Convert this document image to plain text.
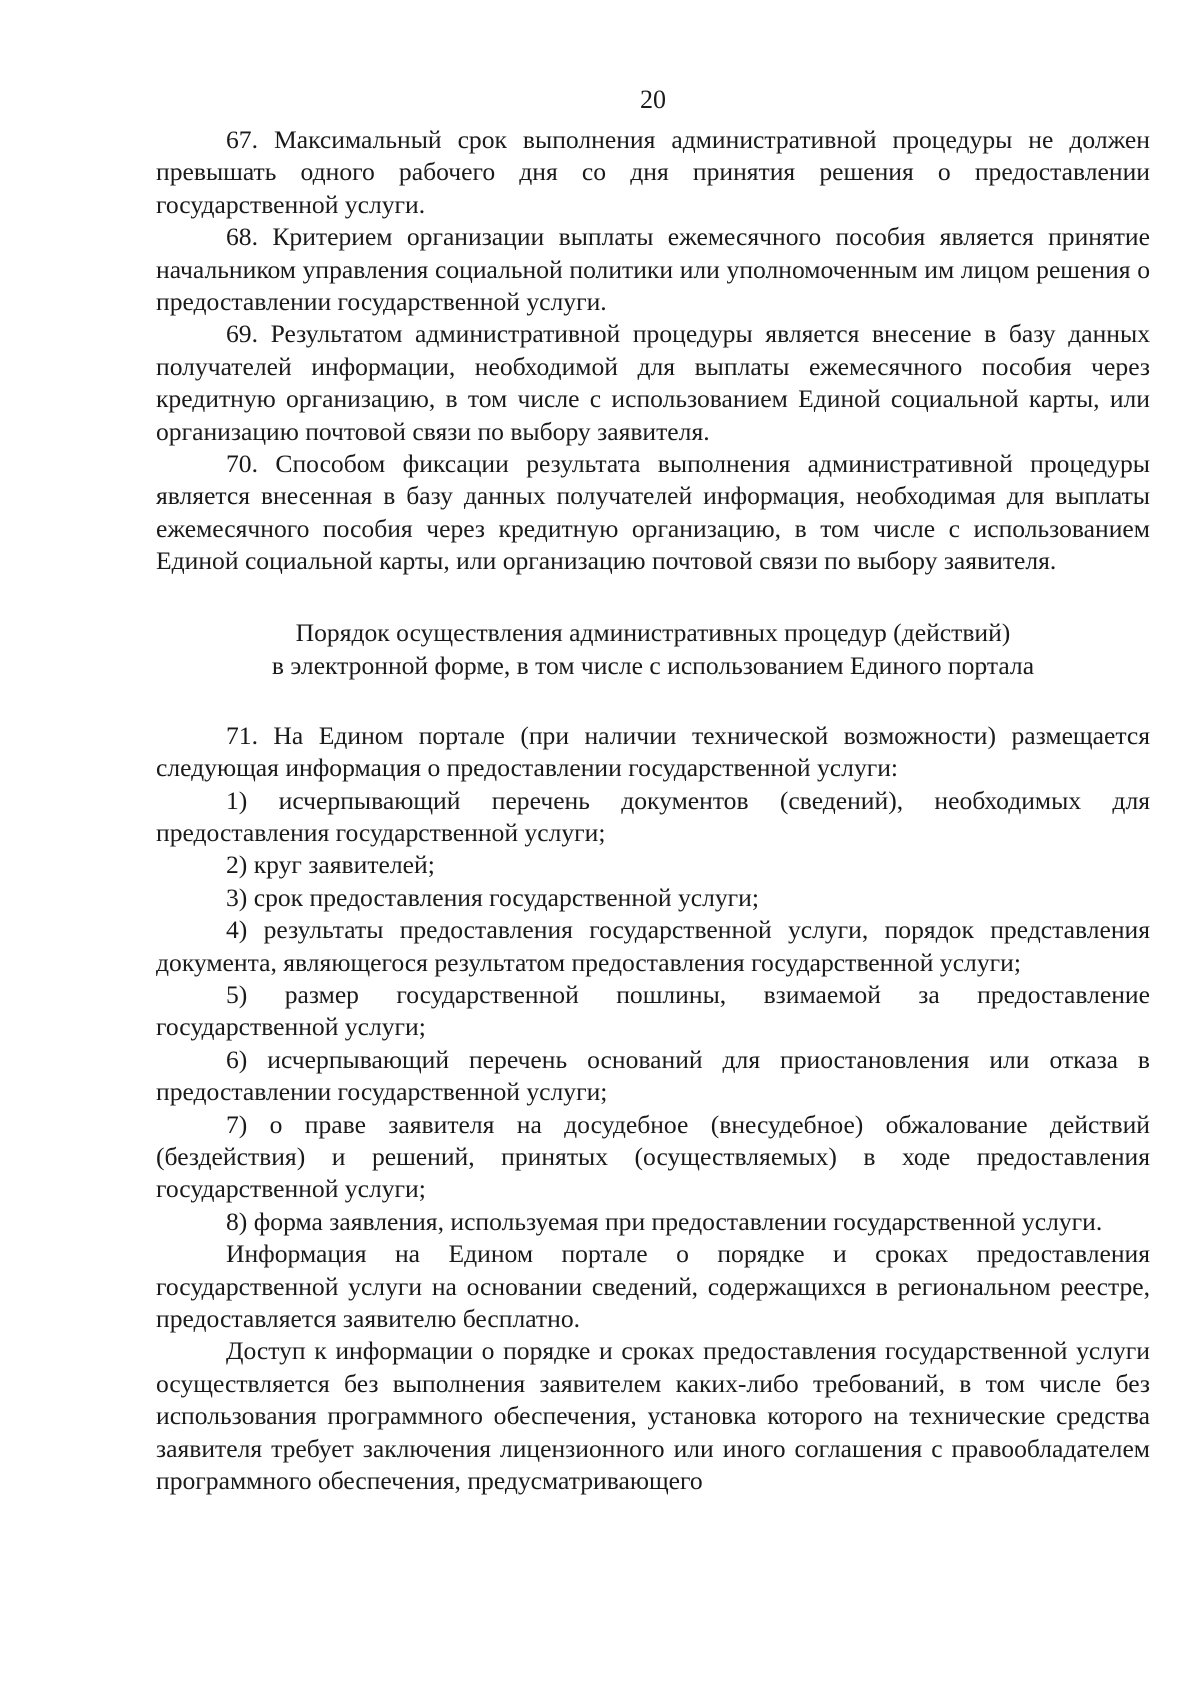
20

67. Максимальный срок выполнения административной процедуры не должен превышать одного рабочего дня со дня принятия решения о предоставлении государственной услуги.

68. Критерием организации выплаты ежемесячного пособия является принятие начальником управления социальной политики или уполномоченным им лицом решения о предоставлении государственной услуги.

69. Результатом административной процедуры является внесение в базу данных получателей информации, необходимой для выплаты ежемесячного пособия через кредитную организацию, в том числе с использованием Единой социальной карты, или организацию почтовой связи по выбору заявителя.

70. Способом фиксации результата выполнения административной процедуры является внесенная в базу данных получателей информация, необходимая для выплаты ежемесячного пособия через кредитную организацию, в том числе с использованием Единой социальной карты, или организацию почтовой связи по выбору заявителя.

Порядок осуществления административных процедур (действий)
в электронной форме, в том числе с использованием Единого портала

71. На Едином портале (при наличии технической возможности) размещается следующая информация о предоставлении государственной услуги:

1) исчерпывающий перечень документов (сведений), необходимых для предоставления государственной услуги;

2) круг заявителей;

3) срок предоставления государственной услуги;

4) результаты предоставления государственной услуги, порядок представления документа, являющегося результатом предоставления государственной услуги;

5) размер государственной пошлины, взимаемой за предоставление государственной услуги;

6) исчерпывающий перечень оснований для приостановления или отказа в предоставлении государственной услуги;

7) о праве заявителя на досудебное (внесудебное) обжалование действий (бездействия) и решений, принятых (осуществляемых) в ходе предоставления государственной услуги;

8) форма заявления, используемая при предоставлении государственной услуги.

Информация на Едином портале о порядке и сроках предоставления государственной услуги на основании сведений, содержащихся в региональном реестре, предоставляется заявителю бесплатно.

Доступ к информации о порядке и сроках предоставления государственной услуги осуществляется без выполнения заявителем каких-либо требований, в том числе без использования программного обеспечения, установка которого на технические средства заявителя требует заключения лицензионного или иного соглашения с правообладателем программного обеспечения, предусматривающего
